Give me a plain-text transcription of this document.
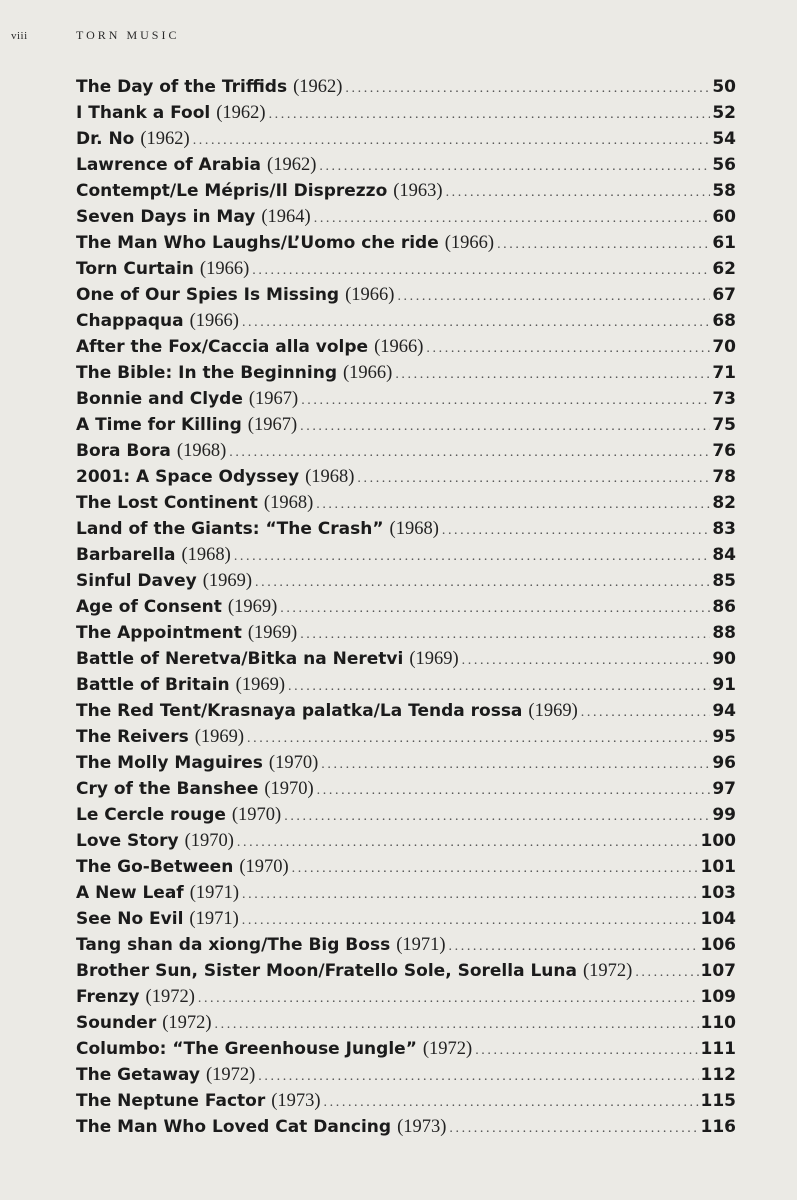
viii	TORN MUSIC
The Day of the Triffids (1962) .....	50
I Thank a Fool (1962) .....	52
Dr. No (1962) .....	54
Lawrence of Arabia (1962) .....	56
Contempt/Le Mépris/Il Disprezzo (1963) .....	58
Seven Days in May (1964) .....	60
The Man Who Laughs/L’Uomo che ride (1966) .....	61
Torn Curtain (1966) .....	62
One of Our Spies Is Missing (1966) .....	67
Chappaqua (1966) .....	68
After the Fox/Caccia alla volpe (1966) .....	70
The Bible: In the Beginning (1966) .....	71
Bonnie and Clyde (1967) .....	73
A Time for Killing (1967) .....	75
Bora Bora (1968) .....	76
2001: A Space Odyssey (1968) .....	78
The Lost Continent (1968) .....	82
Land of the Giants: “The Crash” (1968) .....	83
Barbarella (1968) .....	84
Sinful Davey (1969) .....	85
Age of Consent (1969) .....	86
The Appointment (1969) .....	88
Battle of Neretva/Bitka na Neretvi (1969) .....	90
Battle of Britain (1969) .....	91
The Red Tent/Krasnaya palatka/La Tenda rossa (1969) .....	94
The Reivers (1969) .....	95
The Molly Maguires (1970) .....	96
Cry of the Banshee (1970) .....	97
Le Cercle rouge (1970) .....	99
Love Story (1970) .....	100
The Go-Between (1970) .....	101
A New Leaf (1971) .....	103
See No Evil (1971) .....	104
Tang shan da xiong/The Big Boss (1971) .....	106
Brother Sun, Sister Moon/Fratello Sole, Sorella Luna (1972) .....	107
Frenzy (1972) .....	109
Sounder (1972) .....	110
Columbo: “The Greenhouse Jungle” (1972) .....	111
The Getaway (1972) .....	112
The Neptune Factor (1973) .....	115
The Man Who Loved Cat Dancing (1973) .....	116
